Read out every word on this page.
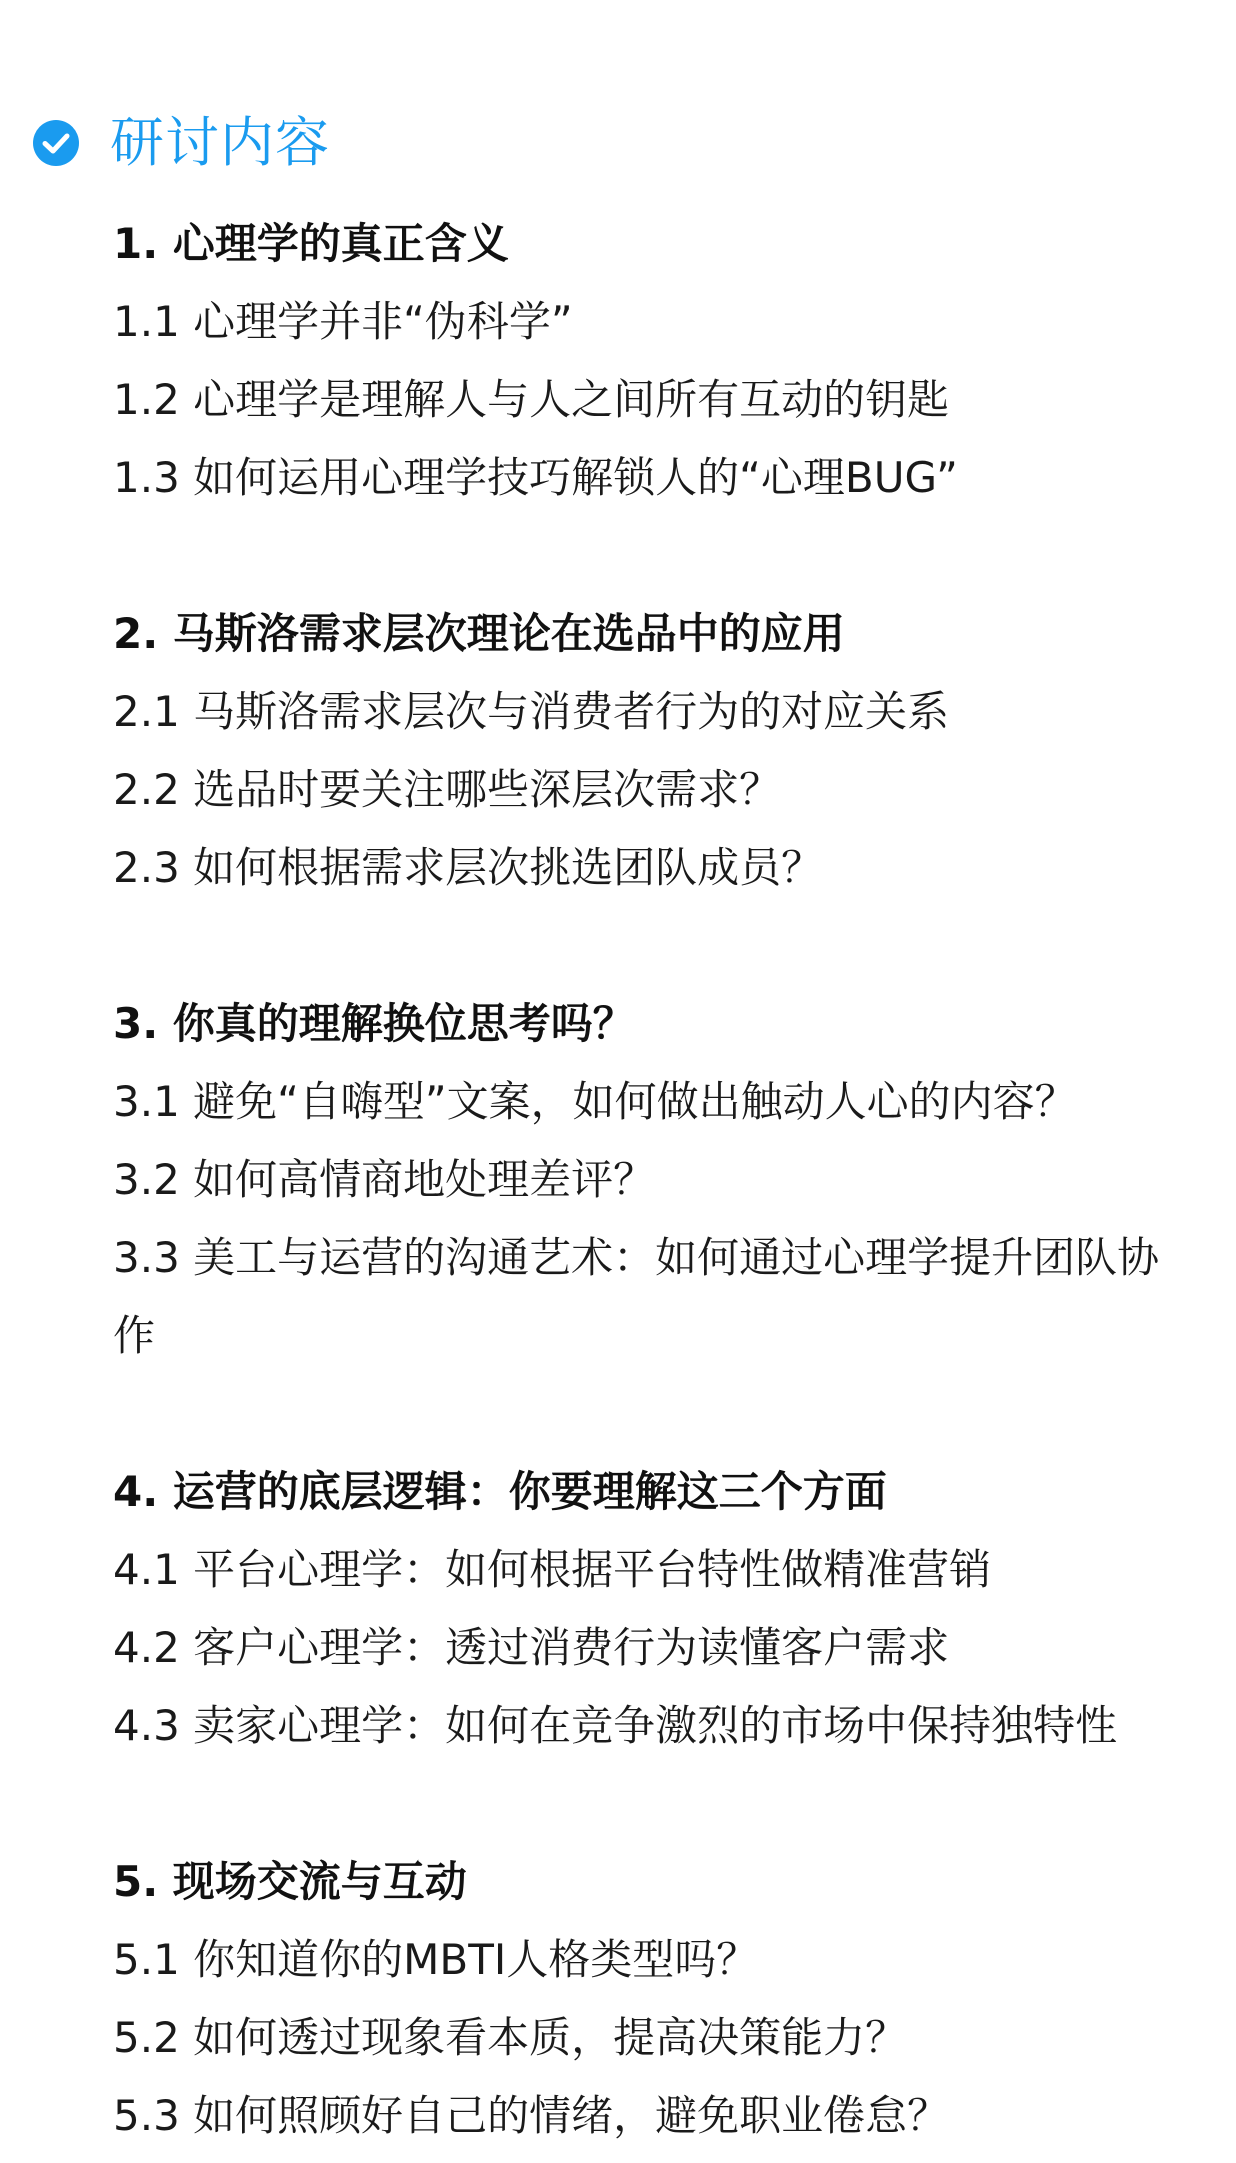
研讨内容
1. 心理学的真正含义
1.1 心理学并非“伪科学”
1.2 心理学是理解人与人之间所有互动的钥匙
1.3 如何运用心理学技巧解锁人的“心理BUG”
2. 马斯洛需求层次理论在选品中的应用
2.1 马斯洛需求层次与消费者行为的对应关系
2.2 选品时要关注哪些深层次需求？
2.3 如何根据需求层次挑选团队成员？
3. 你真的理解换位思考吗？
3.1 避免“自嗨型”文案，如何做出触动人心的内容？
3.2 如何高情商地处理差评？
3.3 美工与运营的沟通艺术：如何通过心理学提升团队协作
4. 运营的底层逻辑：你要理解这三个方面
4.1 平台心理学：如何根据平台特性做精准营销
4.2 客户心理学：透过消费行为读懂客户需求
4.3 卖家心理学：如何在竞争激烈的市场中保持独特性
5. 现场交流与互动
5.1 你知道你的MBTI人格类型吗？
5.2 如何透过现象看本质，提高决策能力？
5.3 如何照顾好自己的情绪，避免职业倦怠？
